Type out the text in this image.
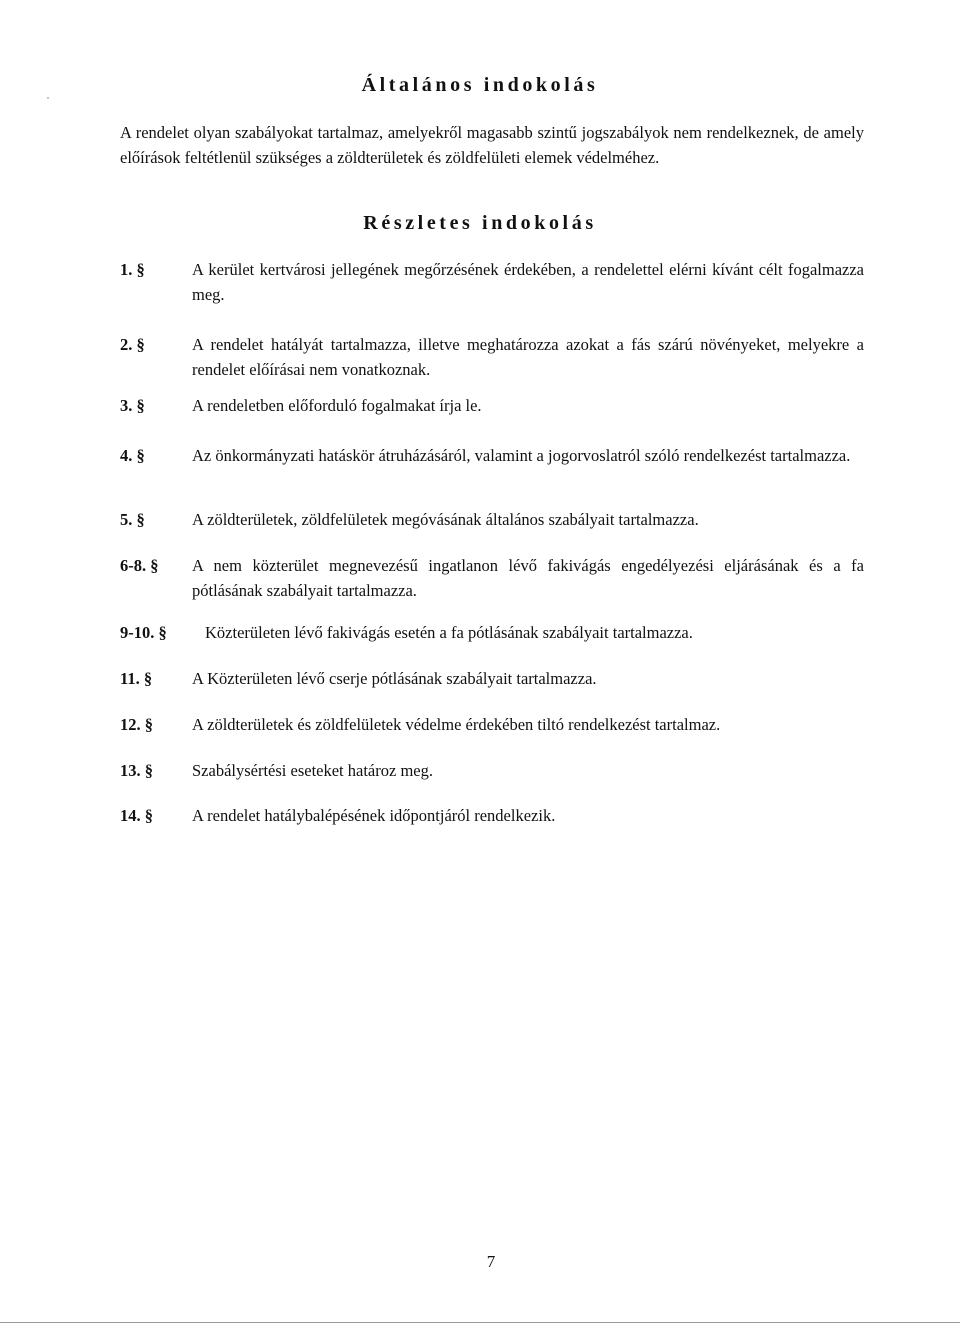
Általános indokolás
A rendelet olyan szabályokat tartalmaz, amelyekről magasabb szintű jogszabályok nem rendelkeznek, de amely előírások feltétlenül szükséges a zöldterületek és zöldfelületi elemek védelméhez.
Részletes indokolás
1. §	A kerület kertvárosi jellegének megőrzésének érdekében, a rendelettel elérni kívánt célt fogalmazza meg.
2. §	A rendelet hatályát tartalmazza, illetve meghatározza azokat a fás szárú növényeket, melyekre a rendelet előírásai nem vonatkoznak.
3. §	A rendeletben előforduló fogalmakat írja le.
4. §	Az önkormányzati hatáskör átruházásáról, valamint a jogorvoslatról szóló rendelkezést tartalmazza.
5. §	A zöldterületek, zöldfelületek megóvásának általános szabályait tartalmazza.
6-8. § A nem közterület megnevezésű ingatlanon lévő fakivágás engedélyezési eljárásának és a fa pótlásának szabályait tartalmazza.
9-10. § Közterületen lévő fakivágás esetén a fa pótlásának szabályait tartalmazza.
11. § A Közterületen lévő cserje pótlásának szabályait tartalmazza.
12. § A zöldterületek és zöldfelületek védelme érdekében tiltó rendelkezést tartalmaz.
13. § Szabálysértési eseteket határoz meg.
14. § A rendelet hatálybalépésének időpontjáról rendelkezik.
7
